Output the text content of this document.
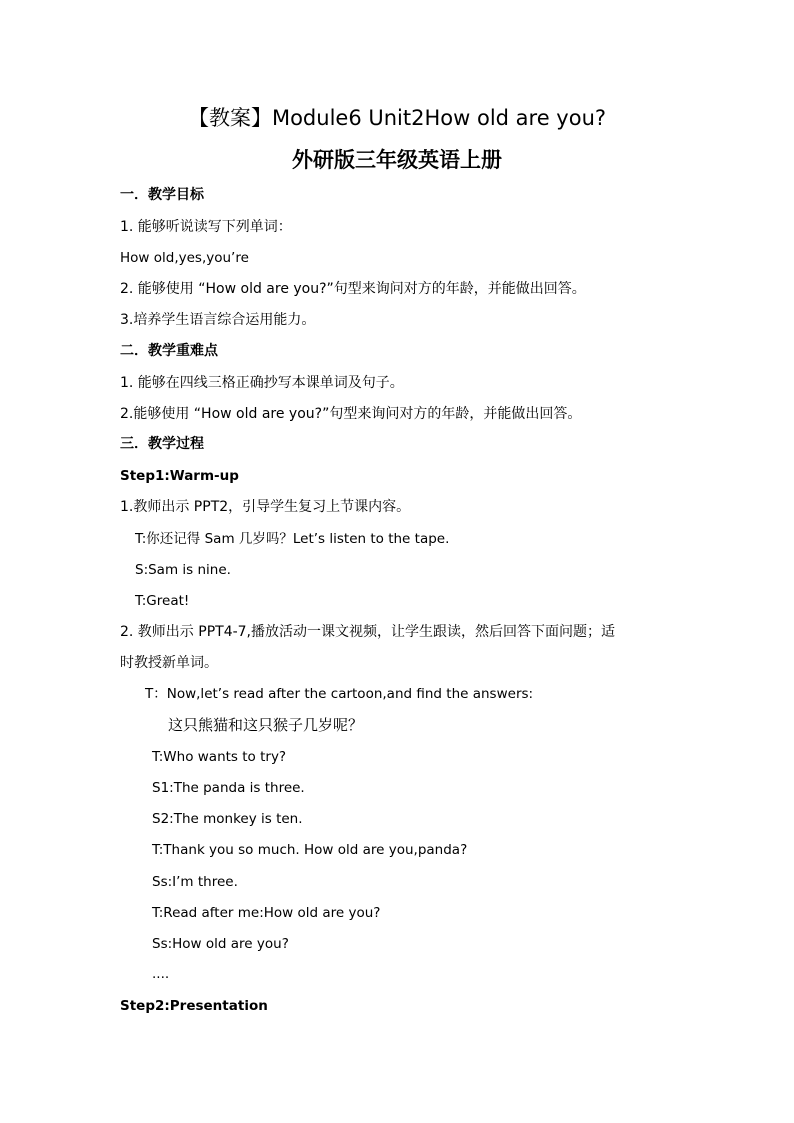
【教案】Module6 Unit2How old are you?
外研版三年级英语上册
一．教学目标
1. 能够听说读写下列单词：
How old,yes,you’re
2. 能够使用 “How old are you?”句型来询问对方的年龄，并能做出回答。
3.培养学生语言综合运用能力。
二．教学重难点
1. 能够在四线三格正确抄写本课单词及句子。
2.能够使用 “How old are you?”句型来询问对方的年龄，并能做出回答。
三．教学过程
Step1:Warm-up
1.教师出示 PPT2，引导学生复习上节课内容。
T:你还记得 Sam 几岁吗？Let’s listen to the tape.
S:Sam is nine.
T:Great!
2. 教师出示 PPT4-7,播放活动一课文视频，让学生跟读，然后回答下面问题；适
时教授新单词。
T：Now,let’s read after the cartoon,and find the answers:
这只熊猫和这只猴子几岁呢？
T:Who wants to try?
S1:The panda is three.
S2:The monkey is ten.
T:Thank you so much. How old are you,panda?
Ss:I’m three.
T:Read after me:How old are you?
Ss:How old are you?
....
Step2:Presentation
